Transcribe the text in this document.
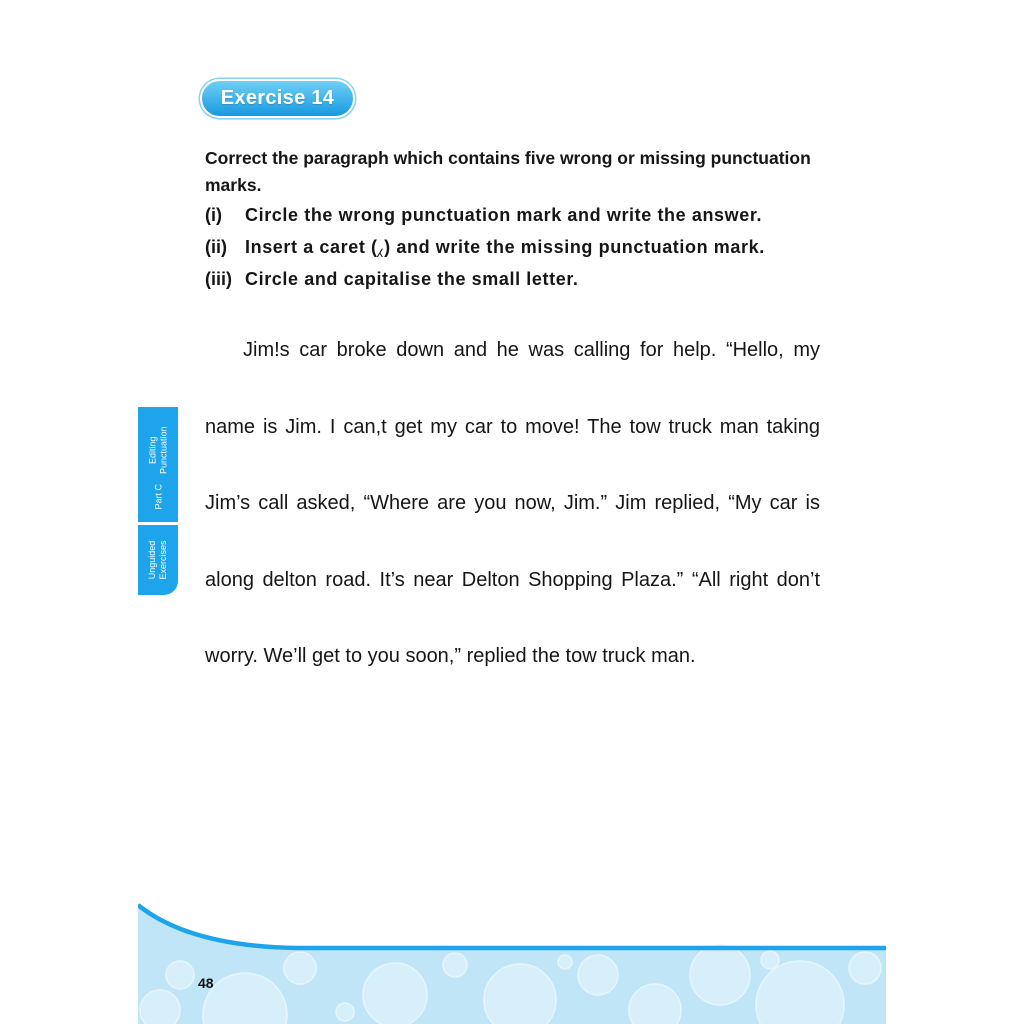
Exercise 14
Correct the paragraph which contains five wrong or missing punctuation marks.
(i)	Circle the wrong punctuation mark and write the answer.
(ii)	Insert a caret (⁁) and write the missing punctuation mark.
(iii) Circle and capitalise the small letter.
Jim!s car broke down and he was calling for help. “Hello, my
name is Jim. I can,t get my car to move! The tow truck man taking
Jim’s call asked, “Where are you now, Jim.” Jim replied, “My car is
along delton road. It’s near Delton Shopping Plaza.” “All right don’t
worry. We’ll get to you soon,” replied the tow truck man.
Part C
Editing Punctuation
Unguided Exercises
48
